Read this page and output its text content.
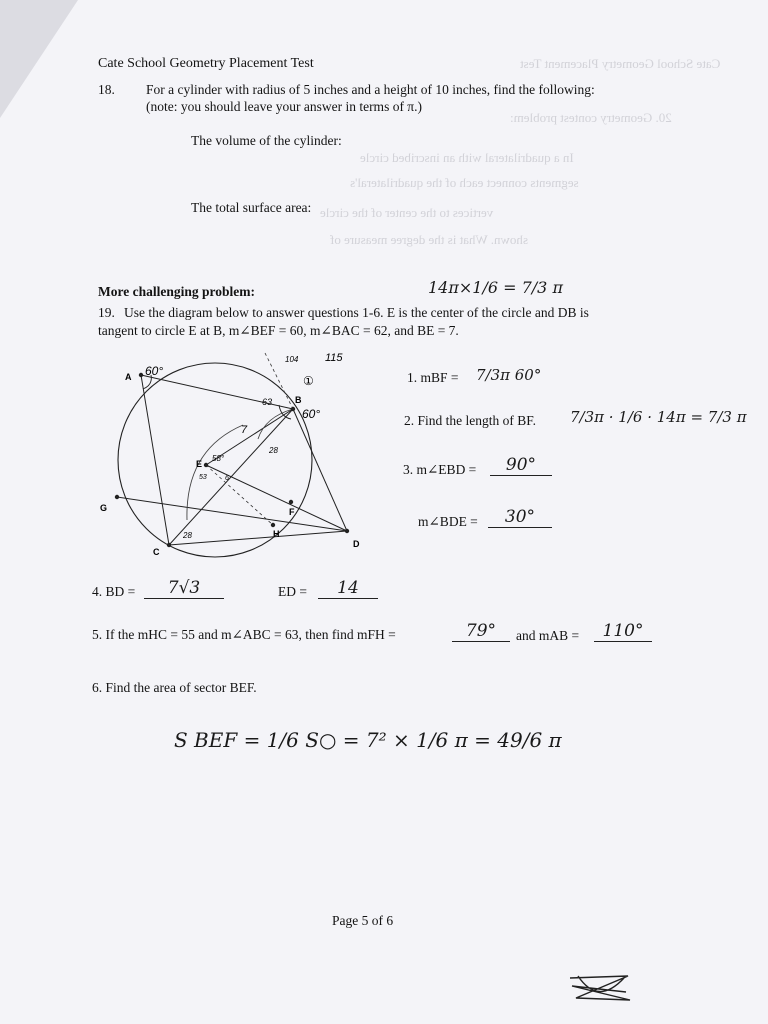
Cate School Geometry Placement Test
20. Geometry contest problem:
In a quadrilateral with an inscribed circle
segments connect each of the quadrilateral's
vertices to the center of the circle
shown. What is the degree measure of
Cate School Geometry Placement Test
18. For a cylinder with radius of 5 inches and a height of 10 inches, find the following:
(note: you should leave your answer in terms of π.)
The volume of the cylinder:
The total surface area:
More challenging problem:	14π×1/6 = 7/3 π
19. Use the diagram below to answer questions 1-6. E is the center of the circle and DB is
tangent to circle E at B, m∠BEF = 60, m∠BAC = 62, and BE = 7.
A
B
C
D
E
F
G
H
60°
60°
115
63
7
28
58°
28
53	6
①
104
1. mBF = 7/3π 60°
2. Find the length of BF. 7/3π · 1/6 · 14π = 7/3 π
3. m∠EBD =	90°
m∠BDE =	30°
4. BD =	7√3	ED =	14
5. If the mHC = 55 and m∠ABC = 63, then find mFH =	79°	and mAB =	110°
6. Find the area of sector BEF.
S BEF = 1/6 S○ = 7² × 1/6 π = 49/6 π
Page 5 of 6
